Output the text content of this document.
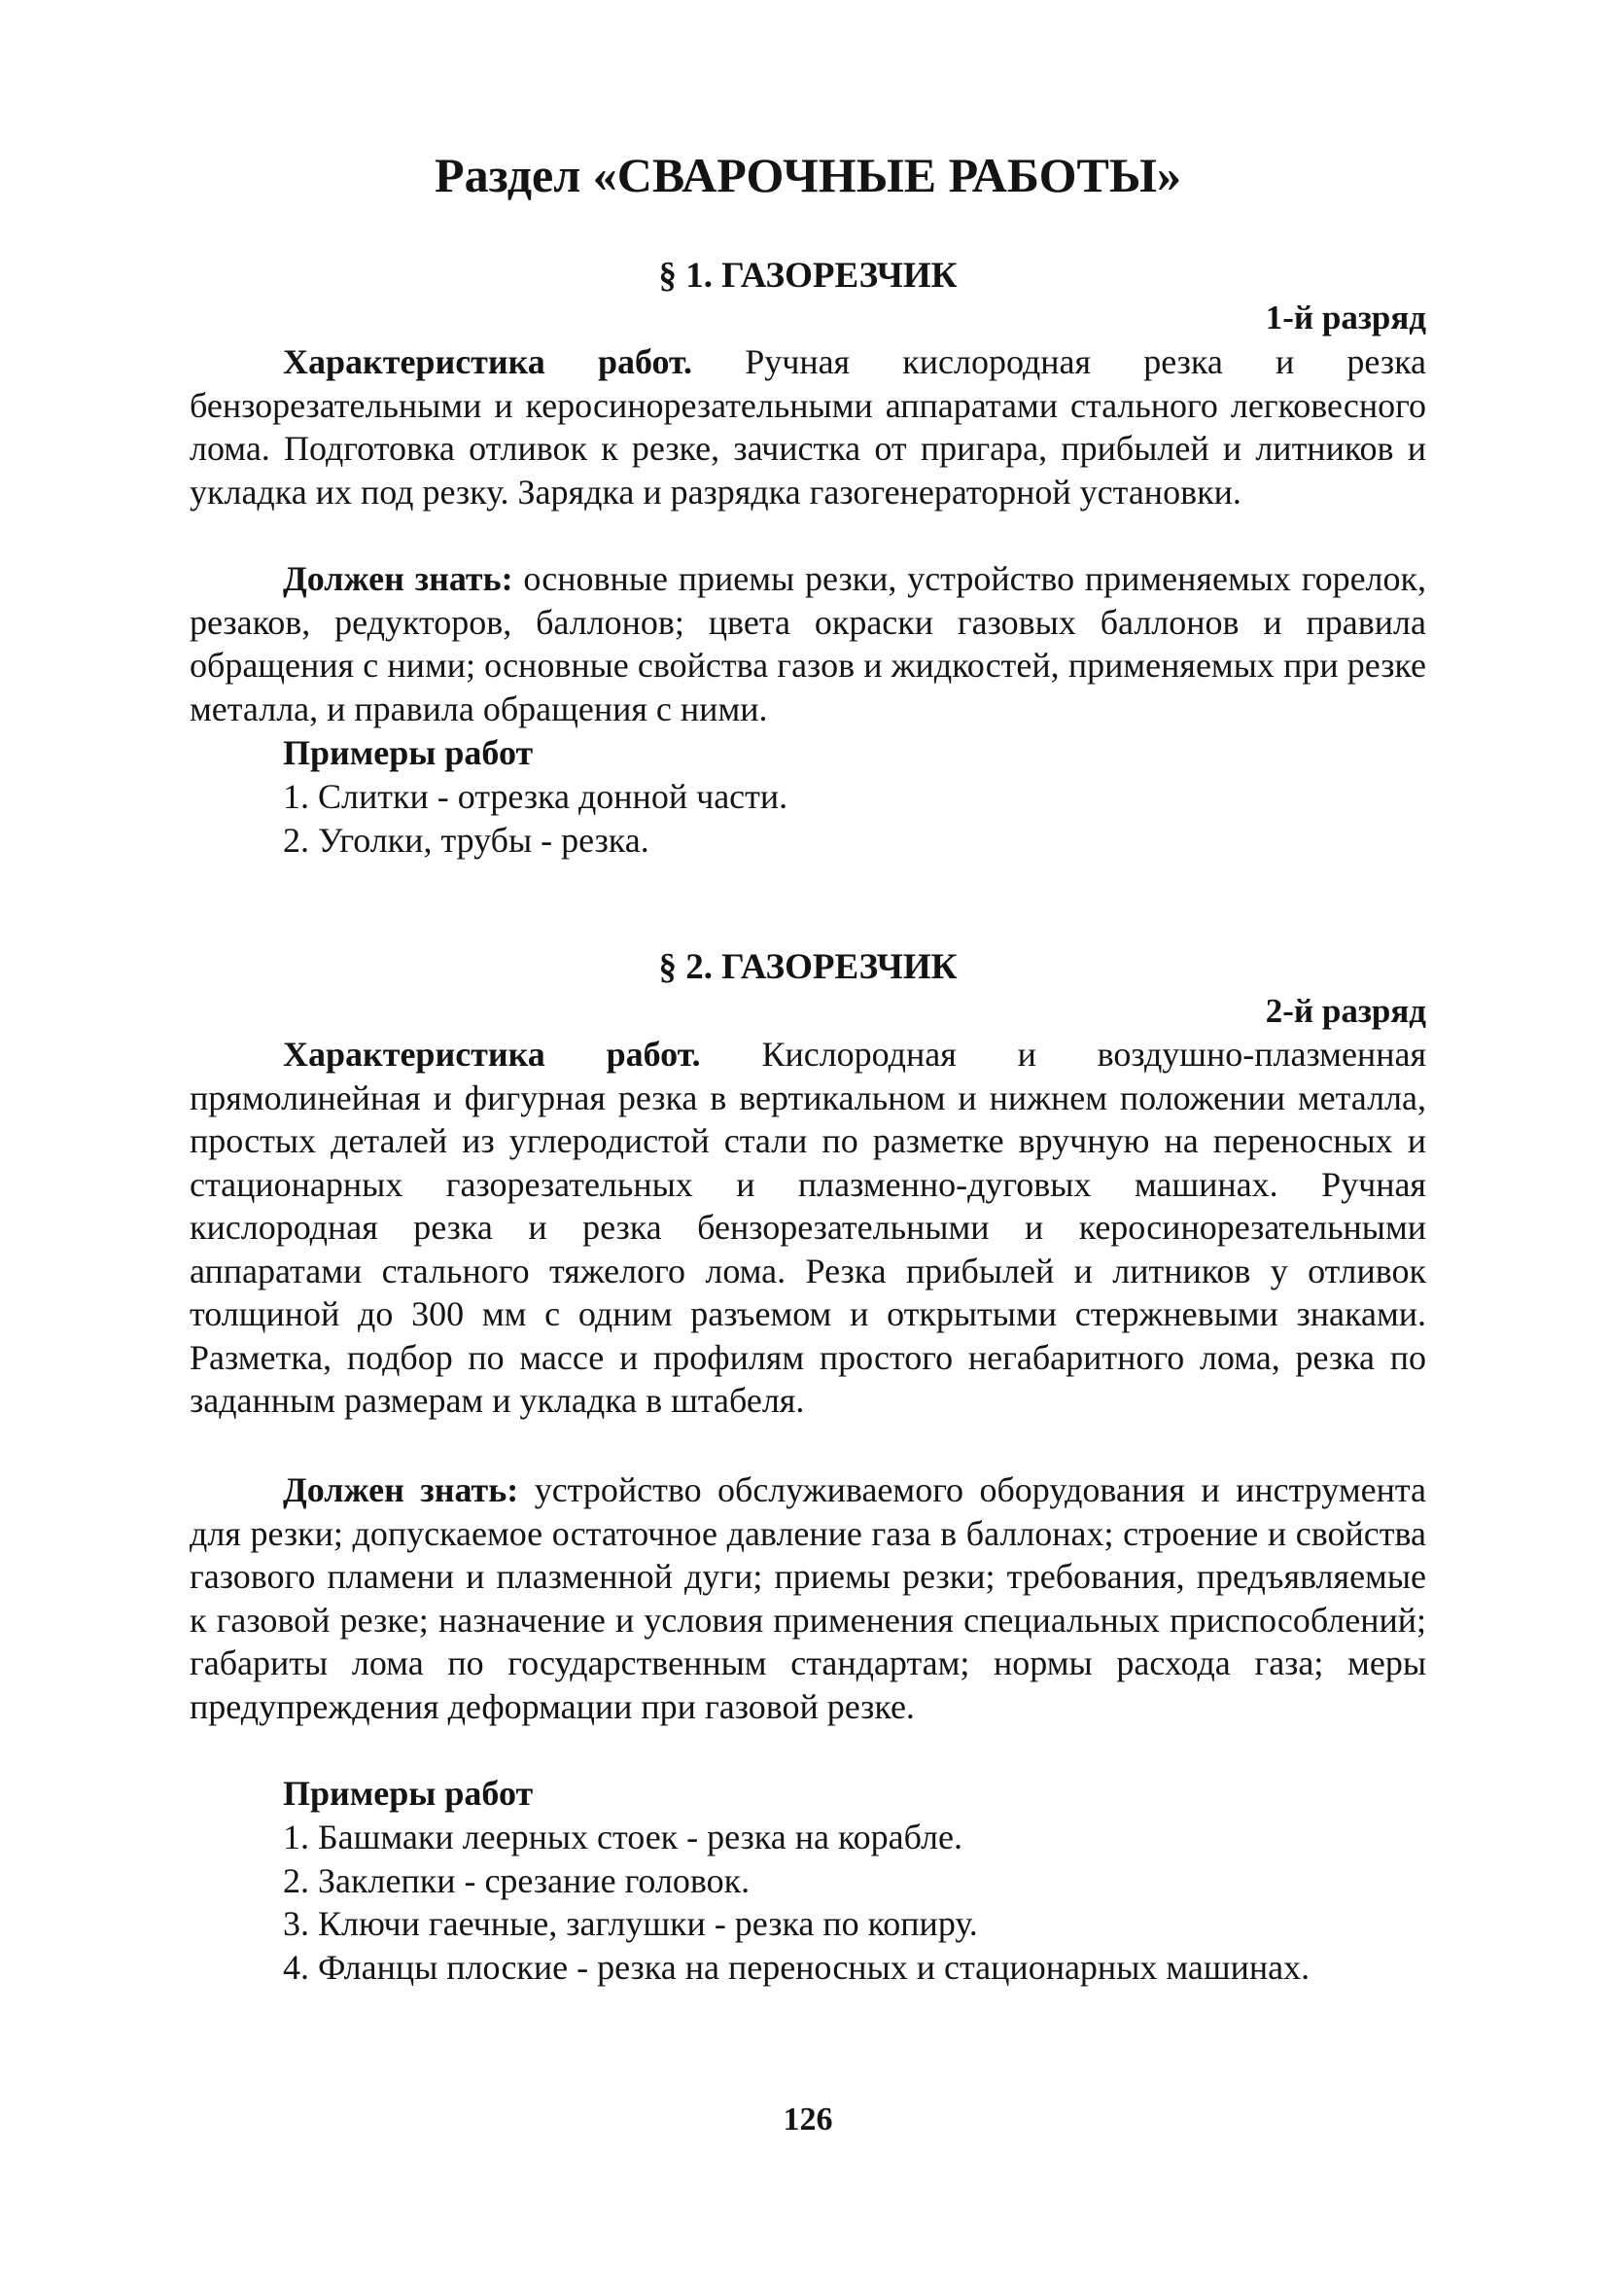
Раздел «СВАРОЧНЫЕ РАБОТЫ»
§ 1. ГАЗОРЕЗЧИК
1-й разряд

Характеристика работ. Ручная кислородная резка и резка бензорезательными и керосинорезательными аппаратами стального легковесного лома. Подготовка отливок к резке, зачистка от пригара, прибылей и литников и укладка их под резку. Зарядка и разрядка газогенераторной установки.

Должен знать: основные приемы резки, устройство применяемых горелок, резаков, редукторов, баллонов; цвета окраски газовых баллонов и правила обращения с ними; основные свойства газов и жидкостей, применяемых при резке металла, и правила обращения с ними.

Примеры работ
1. Слитки - отрезка донной части.
2. Уголки, трубы - резка.
§ 2. ГАЗОРЕЗЧИК
2-й разряд

Характеристика работ. Кислородная и воздушно-плазменная прямолинейная и фигурная резка в вертикальном и нижнем положении металла, простых деталей из углеродистой стали по разметке вручную на переносных и стационарных газорезательных и плазменно-дуговых машинах. Ручная кислородная резка и резка бензорезательными и керосинорезательными аппаратами стального тяжелого лома. Резка прибылей и литников у отливок толщиной до 300 мм с одним разъемом и открытыми стержневыми знаками. Разметка, подбор по массе и профилям простого негабаритного лома, резка по заданным размерам и укладка в штабеля.

Должен знать: устройство обслуживаемого оборудования и инструмента для резки; допускаемое остаточное давление газа в баллонах; строение и свойства газового пламени и плазменной дуги; приемы резки; требования, предъявляемые к газовой резке; назначение и условия применения специальных приспособлений; габариты лома по государственным стандартам; нормы расхода газа; меры предупреждения деформации при газовой резке.

Примеры работ
1. Башмаки леерных стоек - резка на корабле.
2. Заклепки - срезание головок.
3. Ключи гаечные, заглушки - резка по копиру.
4. Фланцы плоские - резка на переносных и стационарных машинах.
126
